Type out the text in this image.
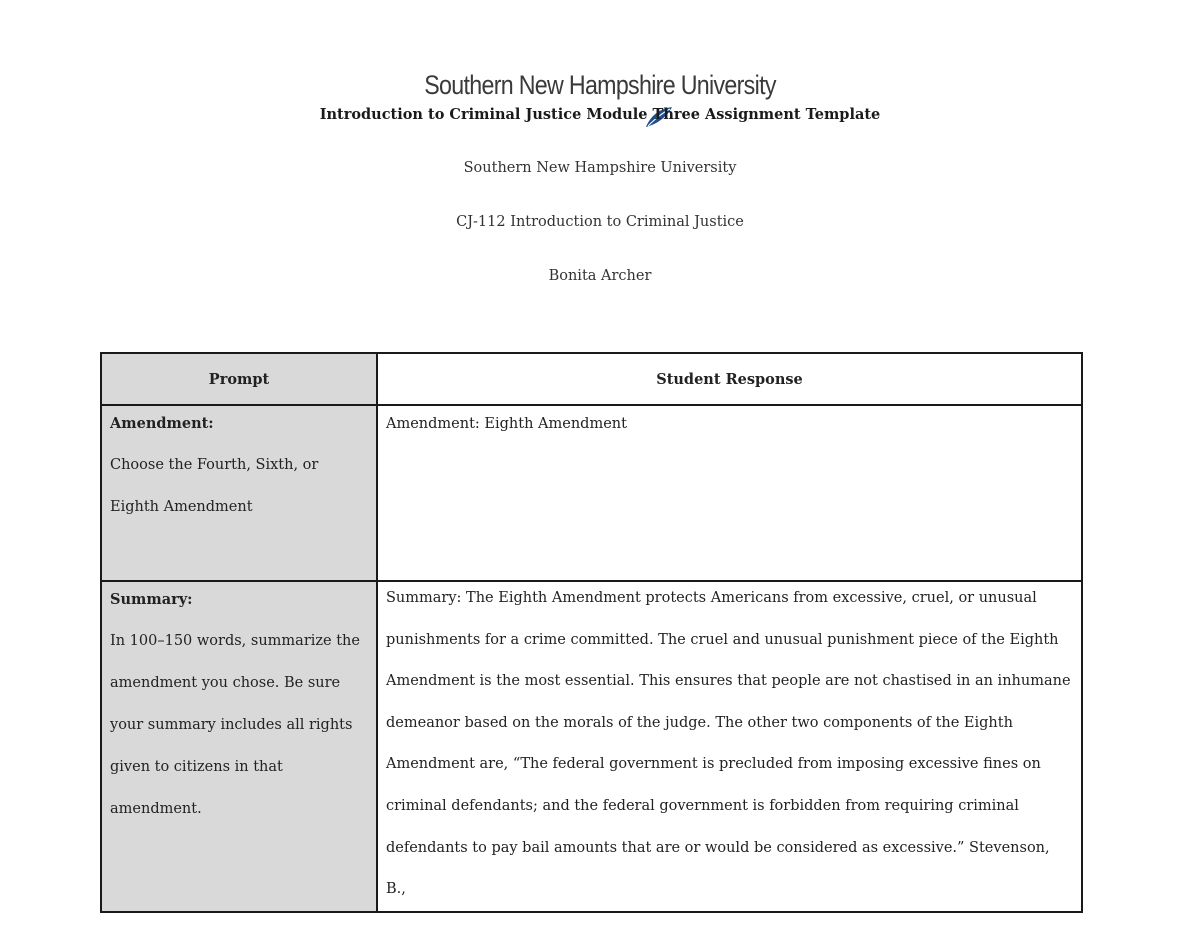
Southern New Hampshire University
Introduction to Criminal Justice Module Three Assignment Template
Southern New Hampshire University
CJ-112 Introduction to Criminal Justice
Bonita Archer
Prompt	Student Response

Amendment:

Choose the Fourth, Sixth, or Eighth Amendment	Amendment: Eighth Amendment

Summary:

In 100–150 words, summarize the amendment you chose. Be sure your summary includes all rights given to citizens in that amendment.	Summary: The Eighth Amendment protects Americans from excessive, cruel, or unusual punishments for a crime committed. The cruel and unusual punishment piece of the Eighth Amendment is the most essential. This ensures that people are not chastised in an inhumane demeanor based on the morals of the judge. The other two components of the Eighth Amendment are, “The federal government is precluded from imposing excessive fines on criminal defendants; and the federal government is forbidden from requiring criminal defendants to pay bail amounts that are or would be considered as excessive.” Stevenson, B.,
